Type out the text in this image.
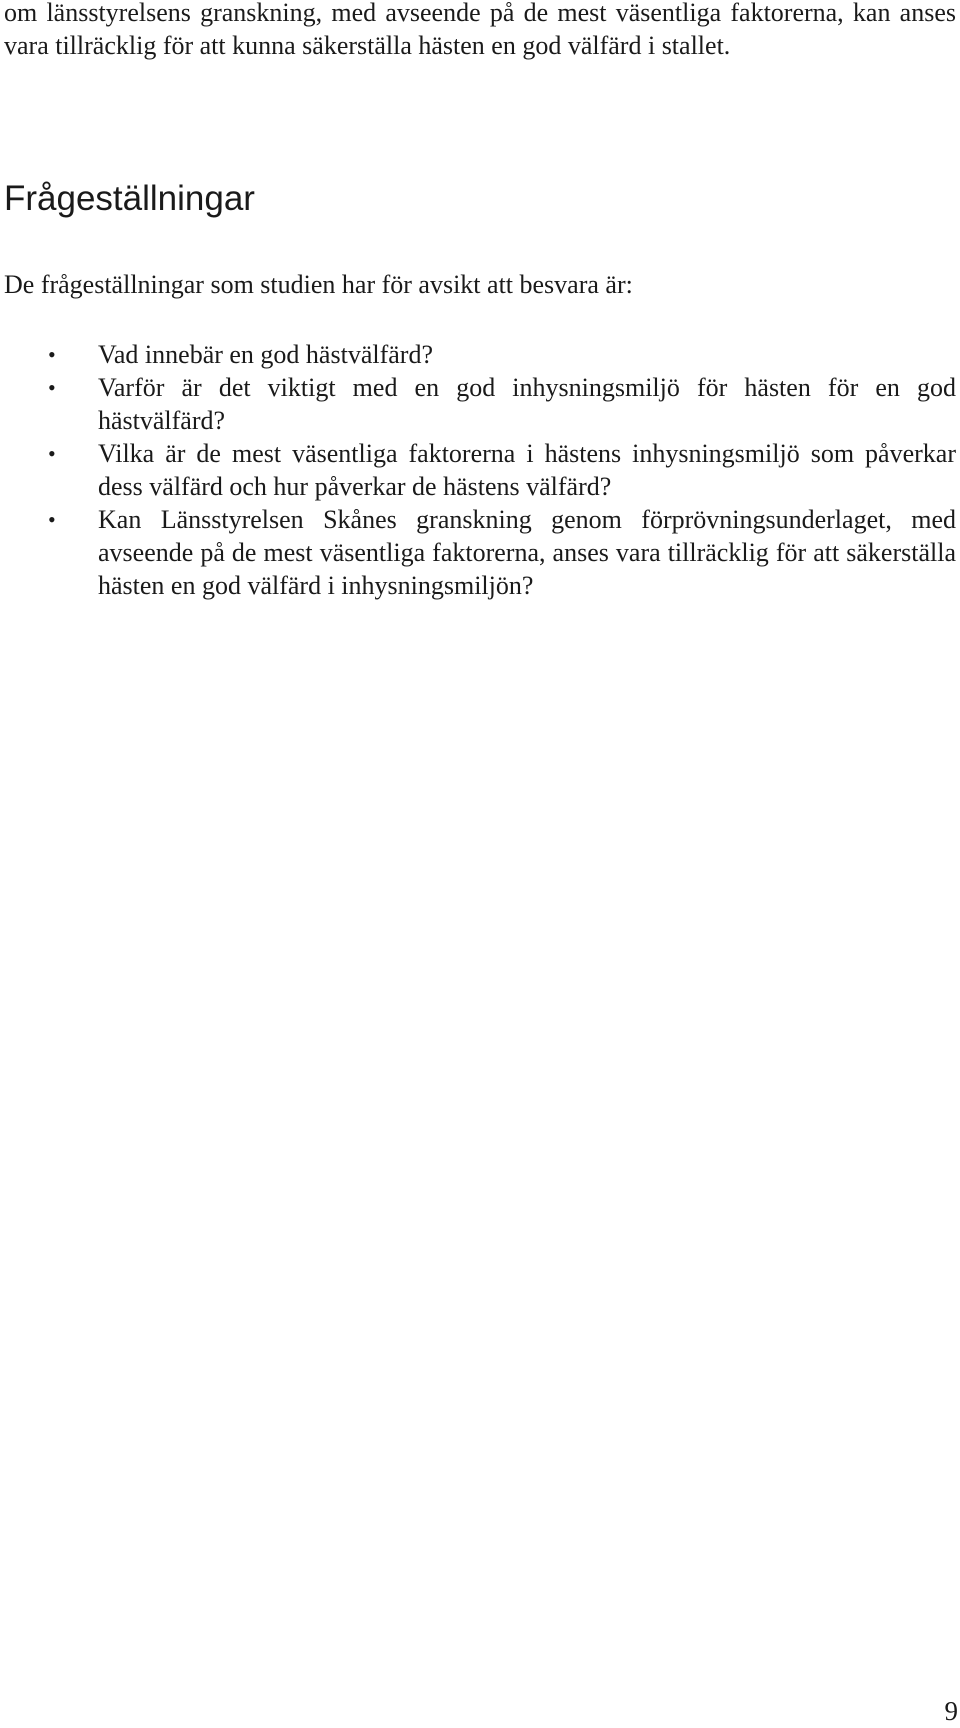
om länsstyrelsens granskning, med avseende på de mest väsentliga faktorerna, kan anses vara tillräcklig för att kunna säkerställa hästen en god välfärd i stallet.

Frågeställningar

De frågeställningar som studien har för avsikt att besvara är:

•	Vad innebär en god hästvälfärd?
•	Varför är det viktigt med en god inhysningsmiljö för hästen för en god hästvälfärd?
•	Vilka är de mest väsentliga faktorerna i hästens inhysningsmiljö som påverkar dess välfärd och hur påverkar de hästens välfärd?
•	Kan Länsstyrelsen Skånes granskning genom förprövningsunderlaget, med avseende på de mest väsentliga faktorerna, anses vara tillräcklig för att säkerställa hästen en god välfärd i inhysningsmiljön?

9
